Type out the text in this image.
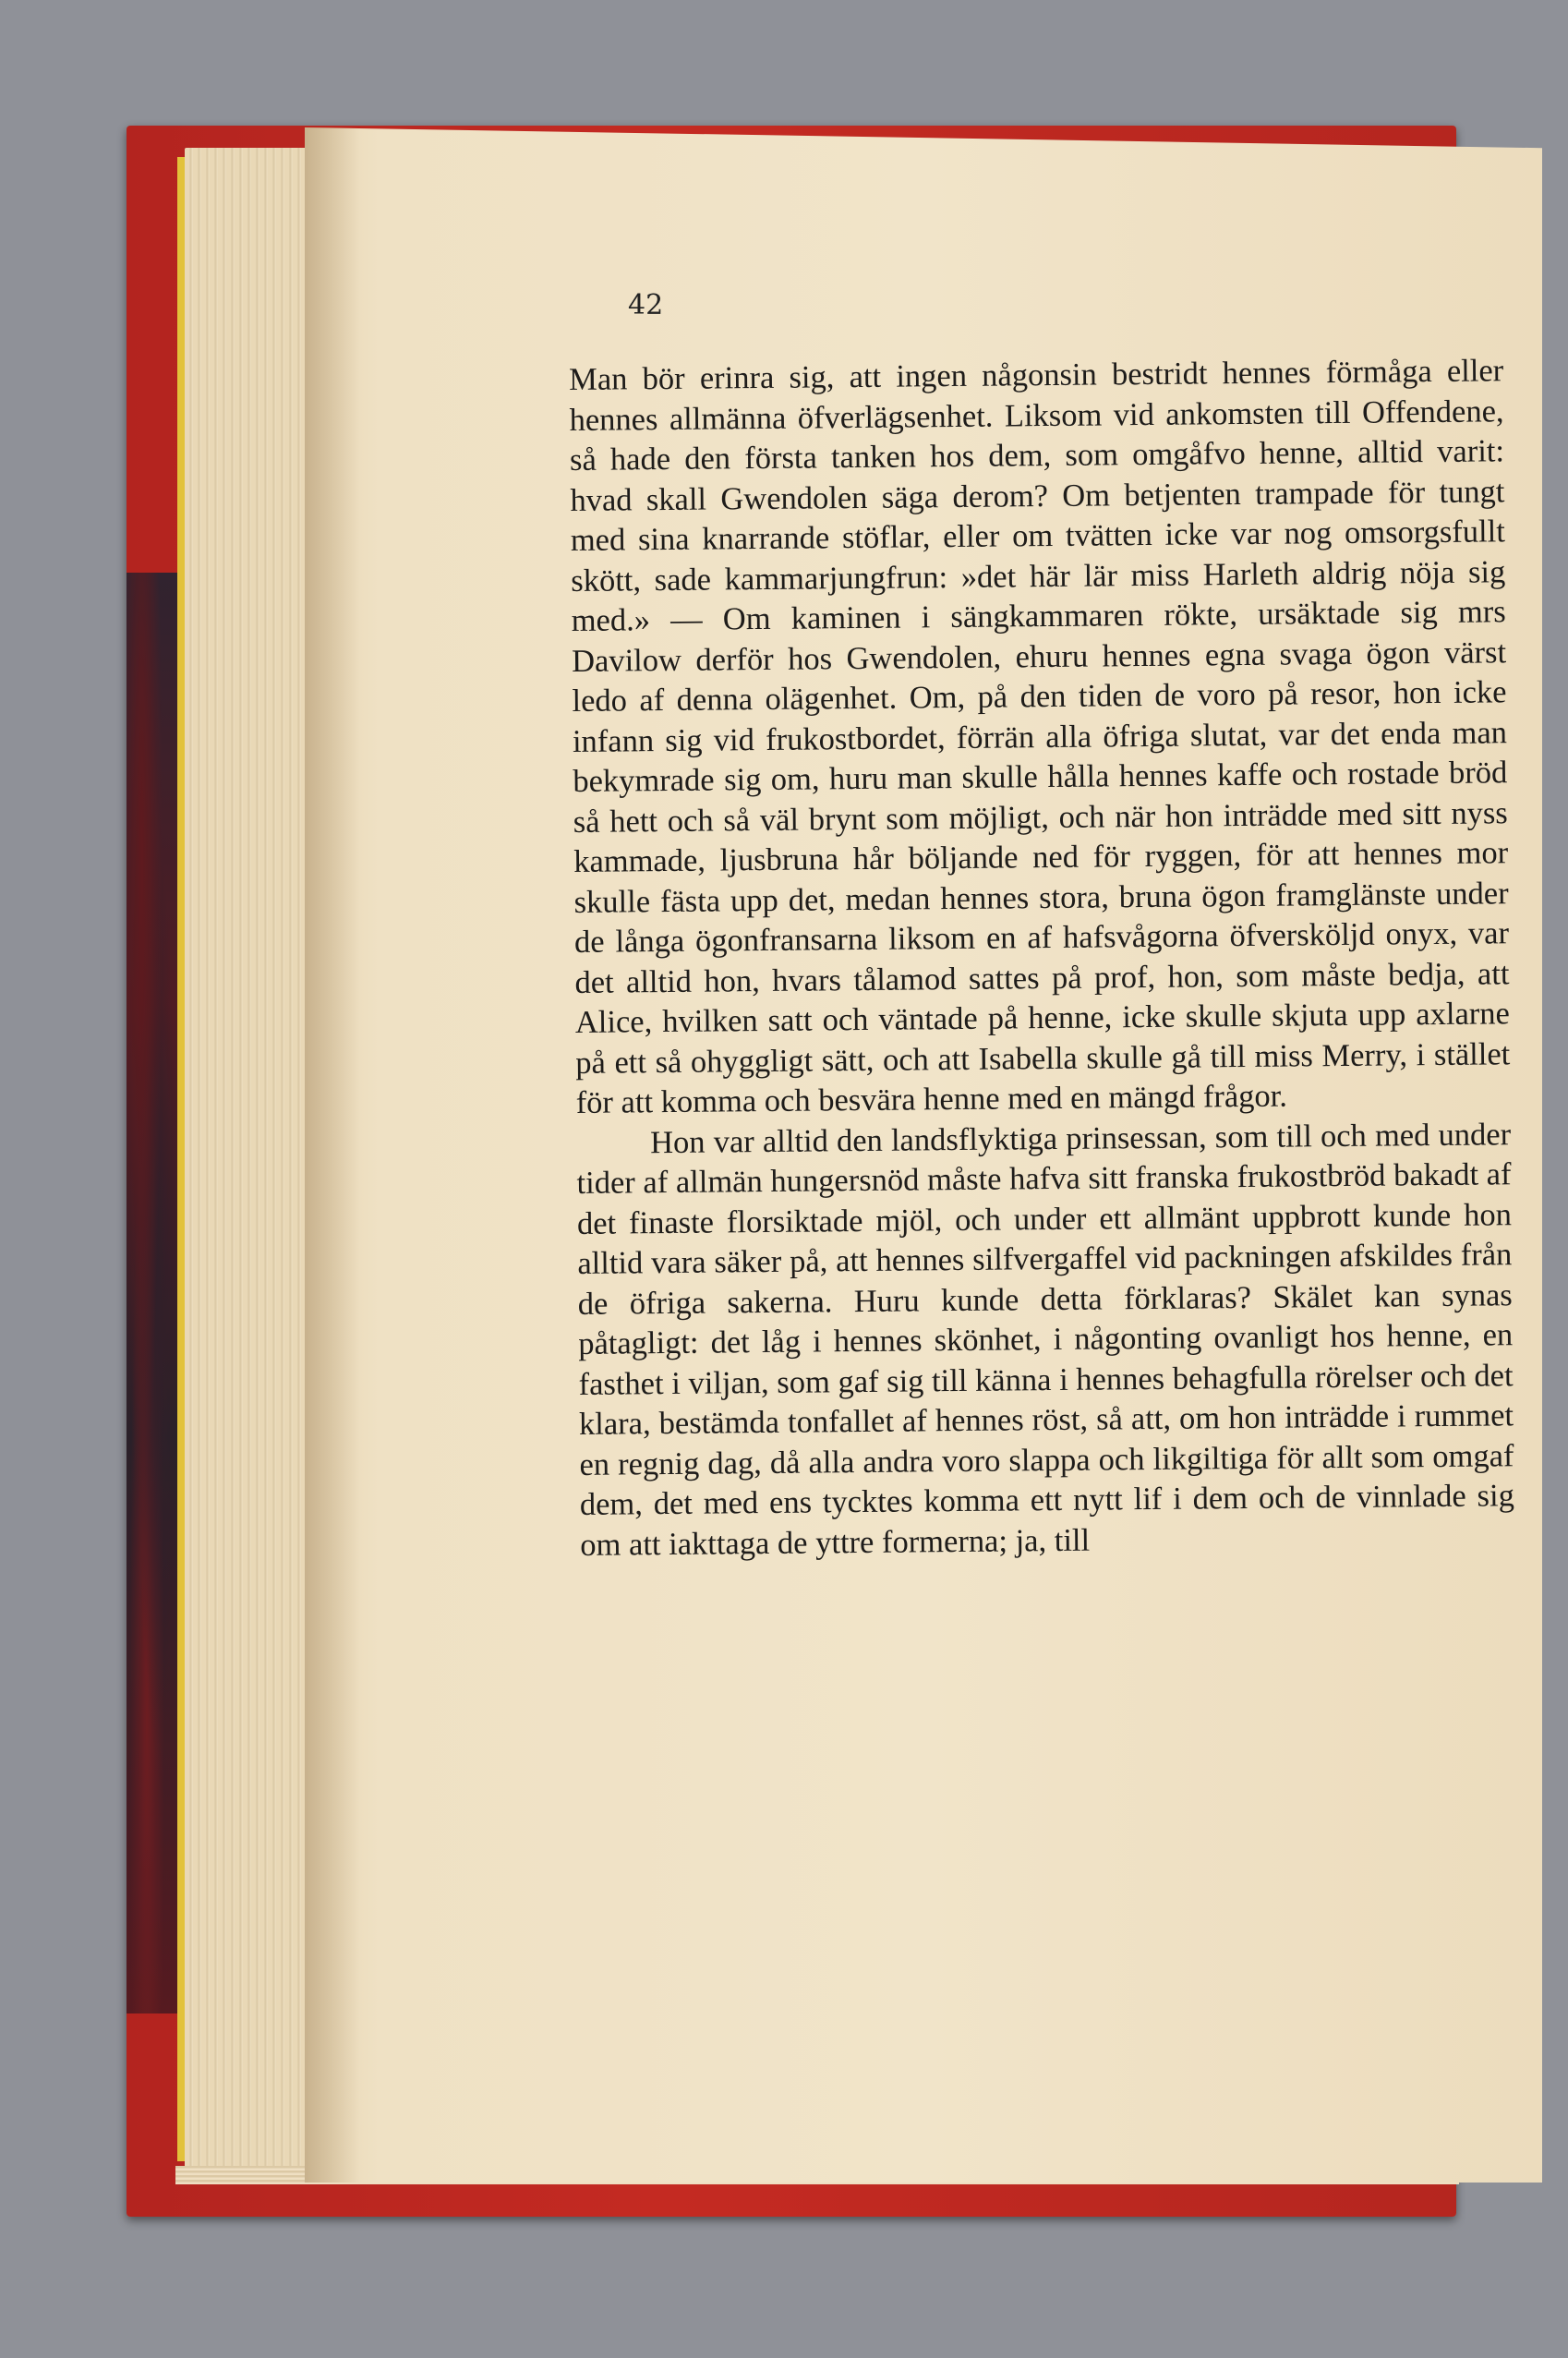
42

Man bör erinra sig, att ingen någonsin bestridt hennes förmåga eller hennes allmänna öfverlägsenhet. Liksom vid ankomsten till Offendene, så hade den första tanken hos dem, som omgåfvo henne, alltid varit: hvad skall Gwendolen säga derom? Om betjenten trampade för tungt med sina knarrande stöflar, eller om tvätten icke var nog omsorgsfullt skött, sade kammarjungfrun: »det här lär miss Harleth aldrig nöja sig med.» — Om kaminen i sängkammaren rökte, ursäktade sig mrs Davilow derför hos Gwendolen, ehuru hennes egna svaga ögon värst ledo af denna olägenhet. Om, på den tiden de voro på resor, hon icke infann sig vid frukostbordet, förrän alla öfriga slutat, var det enda man bekymrade sig om, huru man skulle hålla hennes kaffe och rostade bröd så hett och så väl brynt som möjligt, och när hon inträdde med sitt nyss kammade, ljusbruna hår böljande ned för ryggen, för att hennes mor skulle fästa upp det, medan hennes stora, bruna ögon framglänste under de långa ögonfransarna liksom en af hafsvågorna öfversköljd onyx, var det alltid hon, hvars tålamod sattes på prof, hon, som måste bedja, att Alice, hvilken satt och väntade på henne, icke skulle skjuta upp axlarne på ett så ohyggligt sätt, och att Isabella skulle gå till miss Merry, i stället för att komma och besvära henne med en mängd frågor.

Hon var alltid den landsflyktiga prinsessan, som till och med under tider af allmän hungersnöd måste hafva sitt franska frukostbröd bakadt af det finaste florsiktade mjöl, och under ett allmänt uppbrott kunde hon alltid vara säker på, att hennes silfvergaffel vid packningen afskildes från de öfriga sakerna. Huru kunde detta förklaras? Skälet kan synas påtagligt: det låg i hennes skönhet, i någonting ovanligt hos henne, en fasthet i viljan, som gaf sig till känna i hennes behagfulla rörelser och det klara, bestämda tonfallet af hennes röst, så att, om hon inträdde i rummet en regnig dag, då alla andra voro slappa och likgiltiga för allt som omgaf dem, det med ens tycktes komma ett nytt lif i dem och de vinnlade sig om att iakttaga de yttre formerna; ja, till
